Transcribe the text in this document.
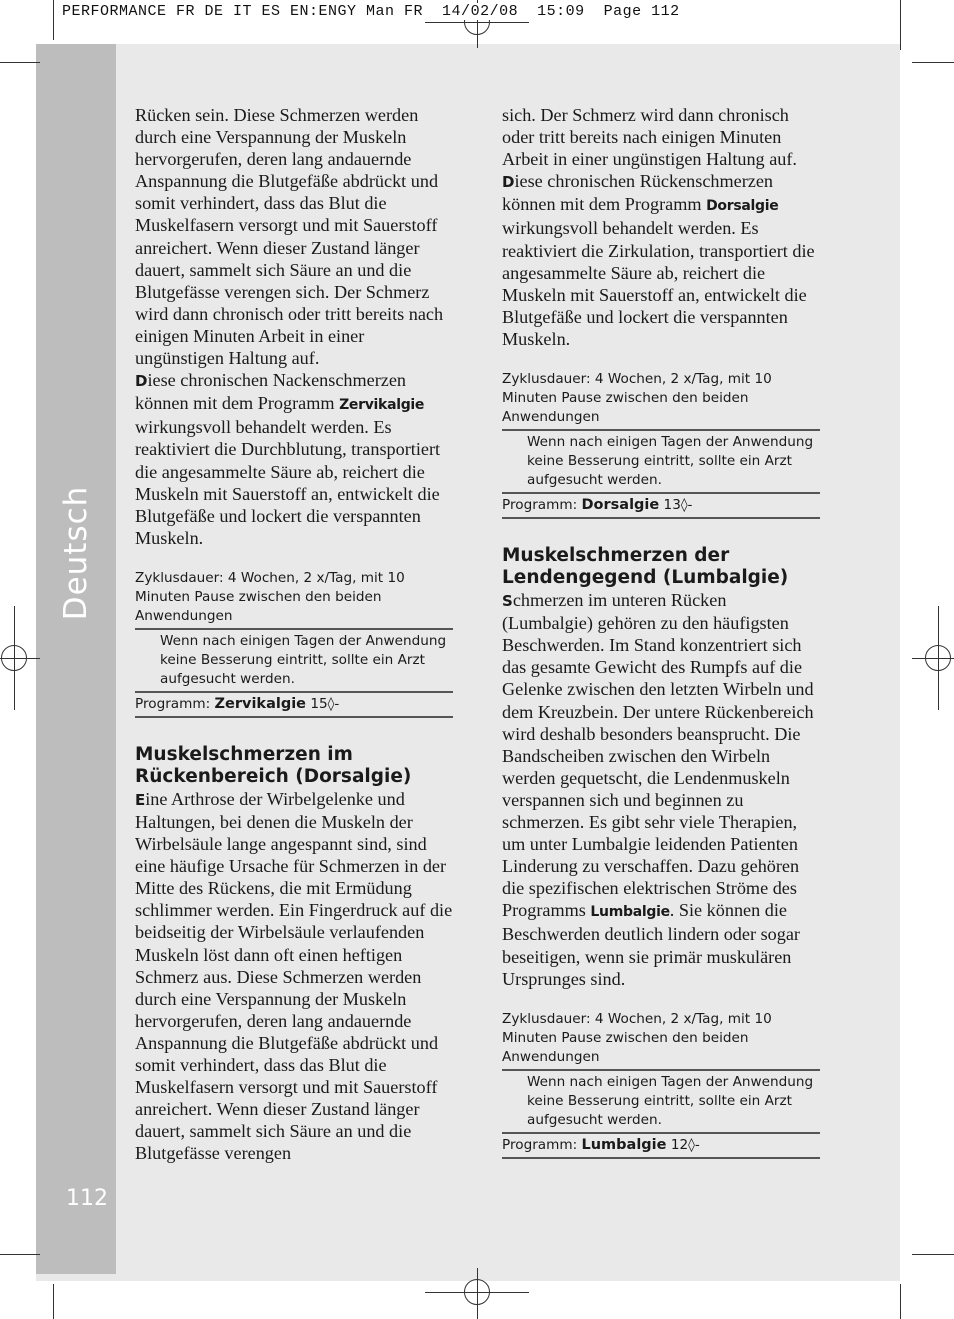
Deutsch
112
PERFORMANCE FR DE IT ES EN:ENGY Man FR  14/02/08  15:09  Page 112

Rücken sein. Diese Schmerzen werden durch eine Verspannung der Muskeln hervorgerufen, deren lang andauernde Anspannung die Blutgefäße abdrückt und somit verhindert, dass das Blut die Muskelfasern versorgt und mit Sauerstoff anreichert. Wenn dieser Zustand länger dauert, sammelt sich Säure an und die Blutgefässe verengen sich. Der Schmerz wird dann chronisch oder tritt bereits nach einigen Minuten Arbeit in einer ungünstigen Haltung auf.

Diese chronischen Nackenschmerzen können mit dem Programm Zervikalgie wirkungsvoll behandelt werden. Es reaktiviert die Durchblutung, transportiert die angesammelte Säure ab, reichert die Muskeln mit Sauerstoff an, entwickelt die Blutgefäße und lockert die verspannten Muskeln.

Zyklusdauer: 4 Wochen, 2 x/Tag, mit 10 Minuten Pause zwischen den beiden Anwendungen

Wenn nach einigen Tagen der Anwendung keine Besserung eintritt, sollte ein Arzt aufgesucht werden.

Programm: Zervikalgie 15◊-

Muskelschmerzen im Rückenbereich (Dorsalgie)

Eine Arthrose der Wirbelgelenke und Haltungen, bei denen die Muskeln der Wirbelsäule lange angespannt sind, sind eine häufige Ursache für Schmerzen in der Mitte des Rückens, die mit Ermüdung schlimmer werden. Ein Fingerdruck auf die beidseitig der Wirbelsäule verlaufenden Muskeln löst dann oft einen heftigen Schmerz aus. Diese Schmerzen werden durch eine Verspannung der Muskeln hervorgerufen, deren lang andauernde Anspannung die Blutgefäße abdrückt und somit verhindert, dass das Blut die Muskelfasern versorgt und mit Sauerstoff anreichert. Wenn dieser Zustand länger dauert, sammelt sich Säure an und die Blutgefässe verengen

sich. Der Schmerz wird dann chronisch oder tritt bereits nach einigen Minuten Arbeit in einer ungünstigen Haltung auf.

Diese chronischen Rückenschmerzen können mit dem Programm Dorsalgie wirkungsvoll behandelt werden. Es reaktiviert die Zirkulation, transportiert die angesammelte Säure ab, reichert die Muskeln mit Sauerstoff an, entwickelt die Blutgefäße und lockert die verspannten Muskeln.

Zyklusdauer: 4 Wochen, 2 x/Tag, mit 10 Minuten Pause zwischen den beiden Anwendungen

Wenn nach einigen Tagen der Anwendung keine Besserung eintritt, sollte ein Arzt aufgesucht werden.

Programm: Dorsalgie 13◊-

Muskelschmerzen der Lendengegend (Lumbalgie)

Schmerzen im unteren Rücken (Lumbalgie) gehören zu den häufigsten Beschwerden. Im Stand konzentriert sich das gesamte Gewicht des Rumpfs auf die Gelenke zwischen den letzten Wirbeln und dem Kreuzbein. Der untere Rückenbereich wird deshalb besonders beansprucht. Die Bandscheiben zwischen den Wirbeln werden gequetscht, die Lendenmuskeln verspannen sich und beginnen zu schmerzen. Es gibt sehr viele Therapien, um unter Lumbalgie leidenden Patienten Linderung zu verschaffen. Dazu gehören die spezifischen elektrischen Ströme des Programms Lumbalgie. Sie können die Beschwerden deutlich lindern oder sogar beseitigen, wenn sie primär muskulären Ursprunges sind.

Zyklusdauer: 4 Wochen, 2 x/Tag, mit 10 Minuten Pause zwischen den beiden Anwendungen

Wenn nach einigen Tagen der Anwendung keine Besserung eintritt, sollte ein Arzt aufgesucht werden.

Programm: Lumbalgie 12◊-
